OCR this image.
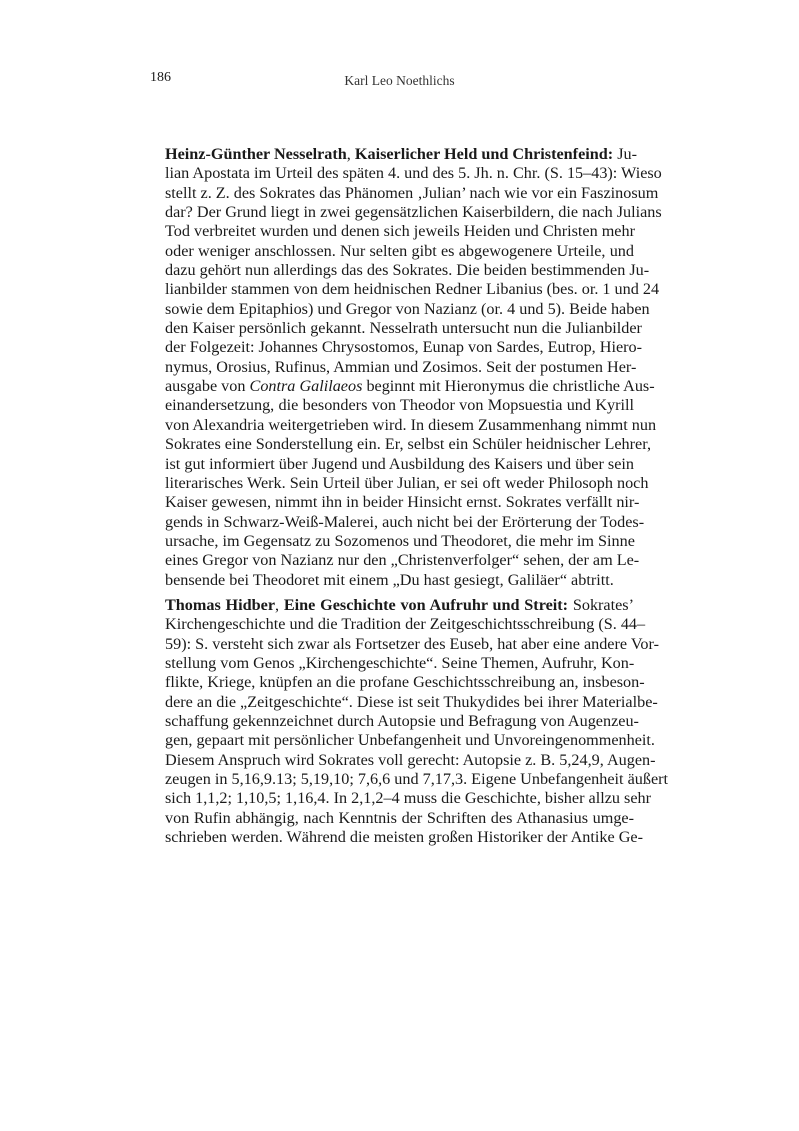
186	Karl Leo Noethlichs
Heinz-Günther Nesselrath, Kaiserlicher Held und Christenfeind: Ju-
lian Apostata im Urteil des späten 4. und des 5. Jh. n. Chr. (S. 15–43): Wieso
stellt z. Z. des Sokrates das Phänomen ‚Julian’ nach wie vor ein Faszinosum
dar? Der Grund liegt in zwei gegensätzlichen Kaiserbildern, die nach Julians
Tod verbreitet wurden und denen sich jeweils Heiden und Christen mehr
oder weniger anschlossen. Nur selten gibt es abgewogenere Urteile, und
dazu gehört nun allerdings das des Sokrates. Die beiden bestimmenden Ju-
lianbilder stammen von dem heidnischen Redner Libanius (bes. or. 1 und 24
sowie dem Epitaphios) und Gregor von Nazianz (or. 4 und 5). Beide haben
den Kaiser persönlich gekannt. Nesselrath untersucht nun die Julianbilder
der Folgezeit: Johannes Chrysostomos, Eunap von Sardes, Eutrop, Hiero-
nymus, Orosius, Rufinus, Ammian und Zosimos. Seit der postumen Her-
ausgabe von Contra Galilaeos beginnt mit Hieronymus die christliche Aus-
einandersetzung, die besonders von Theodor von Mopsuestia und Kyrill
von Alexandria weitergetrieben wird. In diesem Zusammenhang nimmt nun
Sokrates eine Sonderstellung ein. Er, selbst ein Schüler heidnischer Lehrer,
ist gut informiert über Jugend und Ausbildung des Kaisers und über sein
literarisches Werk. Sein Urteil über Julian, er sei oft weder Philosoph noch
Kaiser gewesen, nimmt ihn in beider Hinsicht ernst. Sokrates verfällt nir-
gends in Schwarz-Weiß-Malerei, auch nicht bei der Erörterung der Todes-
ursache, im Gegensatz zu Sozomenos und Theodoret, die mehr im Sinne
eines Gregor von Nazianz nur den „Christenverfolger“ sehen, der am Le-
bensende bei Theodoret mit einem „Du hast gesiegt, Galiläer“ abtritt.
Thomas Hidber, Eine Geschichte von Aufruhr und Streit: Sokrates’
Kirchengeschichte und die Tradition der Zeitgeschichtsschreibung (S. 44–
59): S. versteht sich zwar als Fortsetzer des Euseb, hat aber eine andere Vor-
stellung vom Genos „Kirchengeschichte“. Seine Themen, Aufruhr, Kon-
flikte, Kriege, knüpfen an die profane Geschichtsschreibung an, insbeson-
dere an die „Zeitgeschichte“. Diese ist seit Thukydides bei ihrer Materialbe-
schaffung gekennzeichnet durch Autopsie und Befragung von Augenzeu-
gen, gepaart mit persönlicher Unbefangenheit und Unvoreingenommenheit.
Diesem Anspruch wird Sokrates voll gerecht: Autopsie z. B. 5,24,9, Augen-
zeugen in 5,16,9.13; 5,19,10; 7,6,6 und 7,17,3. Eigene Unbefangenheit äußert
sich 1,1,2; 1,10,5; 1,16,4. In 2,1,2–4 muss die Geschichte, bisher allzu sehr
von Rufin abhängig, nach Kenntnis der Schriften des Athanasius umge-
schrieben werden. Während die meisten großen Historiker der Antike Ge-
